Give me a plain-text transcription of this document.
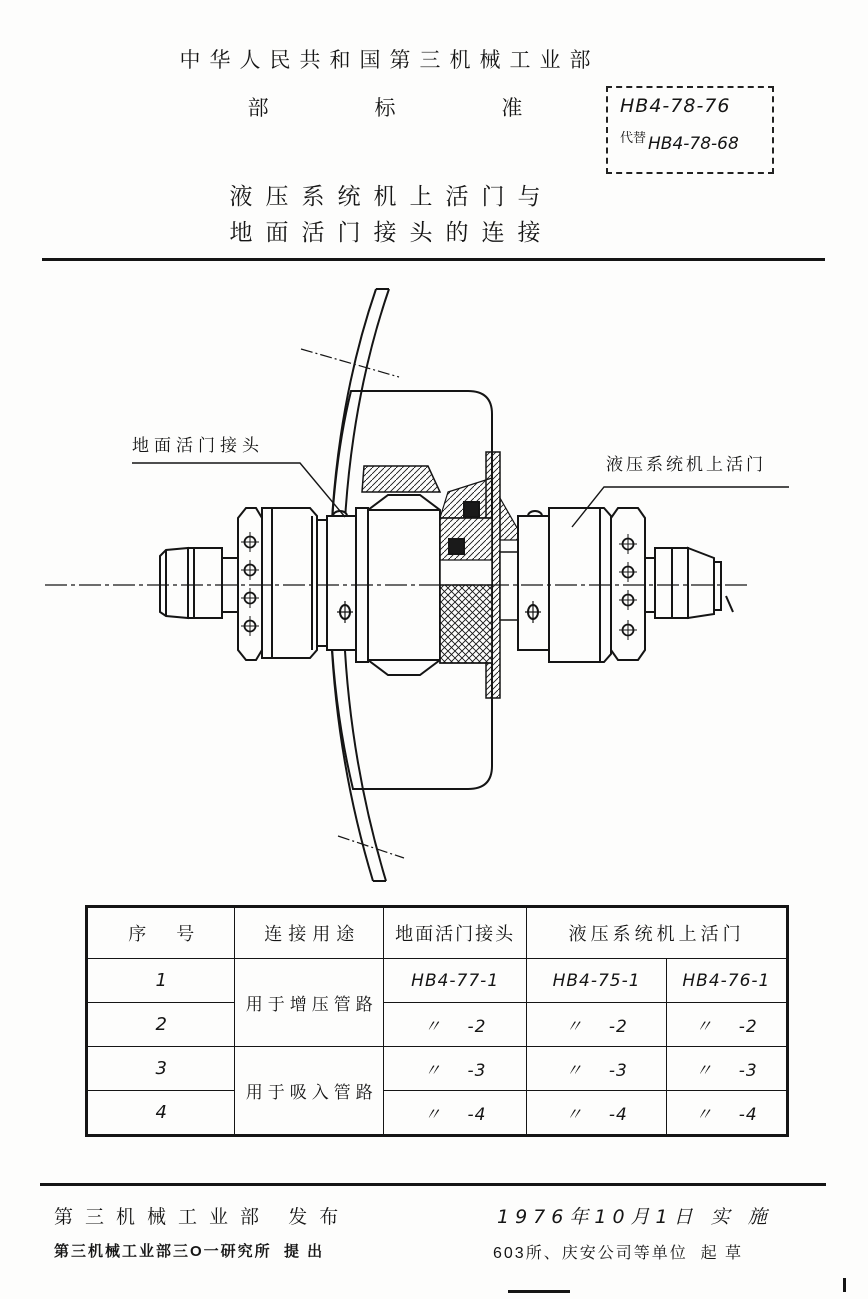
中华人民共和国第三机械工业部
部 标 准	HB4-78-76
代替 HB4-78-68
液压系统机上活门与
地面活门接头的连接
地面活门接头
液压系统机上活门
序      号	连接用途	地面活门接头	液压系统机上活门	
1	用于增压管路	HB4-77-1	HB4-75-1	HB4-76-1
2		〃    -2	〃    -2	〃    -2
3	用于吸入管路	〃    -3	〃    -3	〃    -3
4		〃    -4	〃    -4	〃    -4
第三机械工业部 发布
第三机械工业部三O一研究所  提 出
1976年10月1日 实 施
603所、庆安公司等单位  起 草
